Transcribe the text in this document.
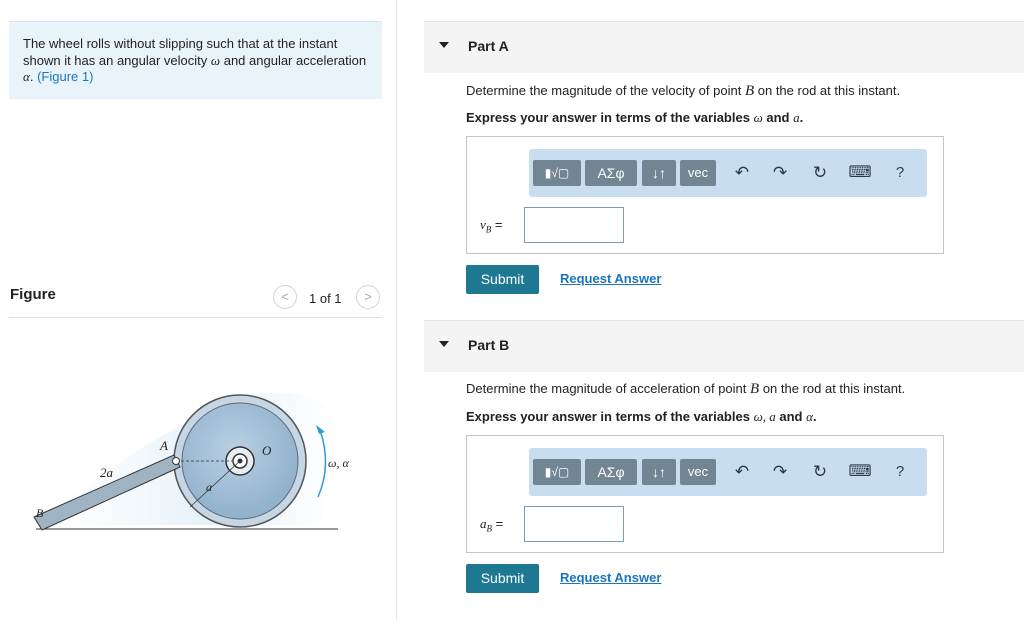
The wheel rolls without slipping such that at the instant shown it has an angular velocity ω and angular acceleration α. (Figure 1)
Figure	<	1 of 1	>
A	O
2a
a
B
ω, α
Part A
Determine the magnitude of the velocity of point B on the rod at this instant.
Express your answer in terms of the variables ω and a.
▮√▢	ΑΣφ	↓↑	vec	↶ ↷ ↻ ⌨	?
$v_B$ =
Submit	Request Answer
Part B
Determine the magnitude of acceleration of point B on the rod at this instant.
Express your answer in terms of the variables ω, a and α.
▮√▢	ΑΣφ	↓↑	vec	↶ ↷ ↻ ⌨	?
$a_B$ =
Submit	Request Answer
